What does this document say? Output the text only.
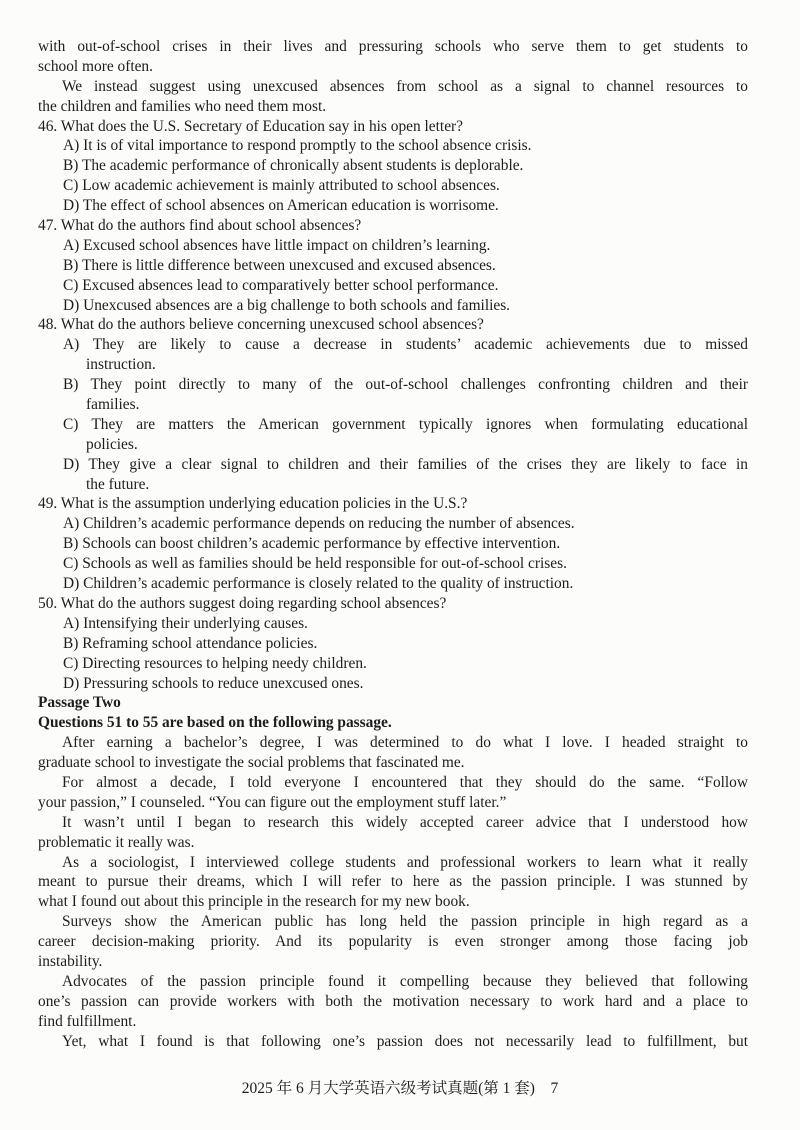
with out-of-school crises in their lives and pressuring schools who serve them to get students to
school more often.
We instead suggest using unexcused absences from school as a signal to channel resources to
the children and families who need them most.
46. What does the U.S. Secretary of Education say in his open letter?
A) It is of vital importance to respond promptly to the school absence crisis.
B) The academic performance of chronically absent students is deplorable.
C) Low academic achievement is mainly attributed to school absences.
D) The effect of school absences on American education is worrisome.
47. What do the authors find about school absences?
A) Excused school absences have little impact on children’s learning.
B) There is little difference between unexcused and excused absences.
C) Excused absences lead to comparatively better school performance.
D) Unexcused absences are a big challenge to both schools and families.
48. What do the authors believe concerning unexcused school absences?
A) They are likely to cause a decrease in students’ academic achievements due to missed
instruction.
B) They point directly to many of the out-of-school challenges confronting children and their
families.
C) They are matters the American government typically ignores when formulating educational
policies.
D) They give a clear signal to children and their families of the crises they are likely to face in
the future.
49. What is the assumption underlying education policies in the U.S.?
A) Children’s academic performance depends on reducing the number of absences.
B) Schools can boost children’s academic performance by effective intervention.
C) Schools as well as families should be held responsible for out-of-school crises.
D) Children’s academic performance is closely related to the quality of instruction.
50. What do the authors suggest doing regarding school absences?
A) Intensifying their underlying causes.
B) Reframing school attendance policies.
C) Directing resources to helping needy children.
D) Pressuring schools to reduce unexcused ones.
Passage Two
Questions 51 to 55 are based on the following passage.
After earning a bachelor’s degree, I was determined to do what I love. I headed straight to
graduate school to investigate the social problems that fascinated me.
For almost a decade, I told everyone I encountered that they should do the same. “Follow
your passion,” I counseled. “You can figure out the employment stuff later.”
It wasn’t until I began to research this widely accepted career advice that I understood how
problematic it really was.
As a sociologist, I interviewed college students and professional workers to learn what it really
meant to pursue their dreams, which I will refer to here as the passion principle. I was stunned by
what I found out about this principle in the research for my new book.
Surveys show the American public has long held the passion principle in high regard as a
career decision-making priority. And its popularity is even stronger among those facing job
instability.
Advocates of the passion principle found it compelling because they believed that following
one’s passion can provide workers with both the motivation necessary to work hard and a place to
find fulfillment.
Yet, what I found is that following one’s passion does not necessarily lead to fulfillment, but
2025 年 6 月大学英语六级考试真题(第 1 套)　7
